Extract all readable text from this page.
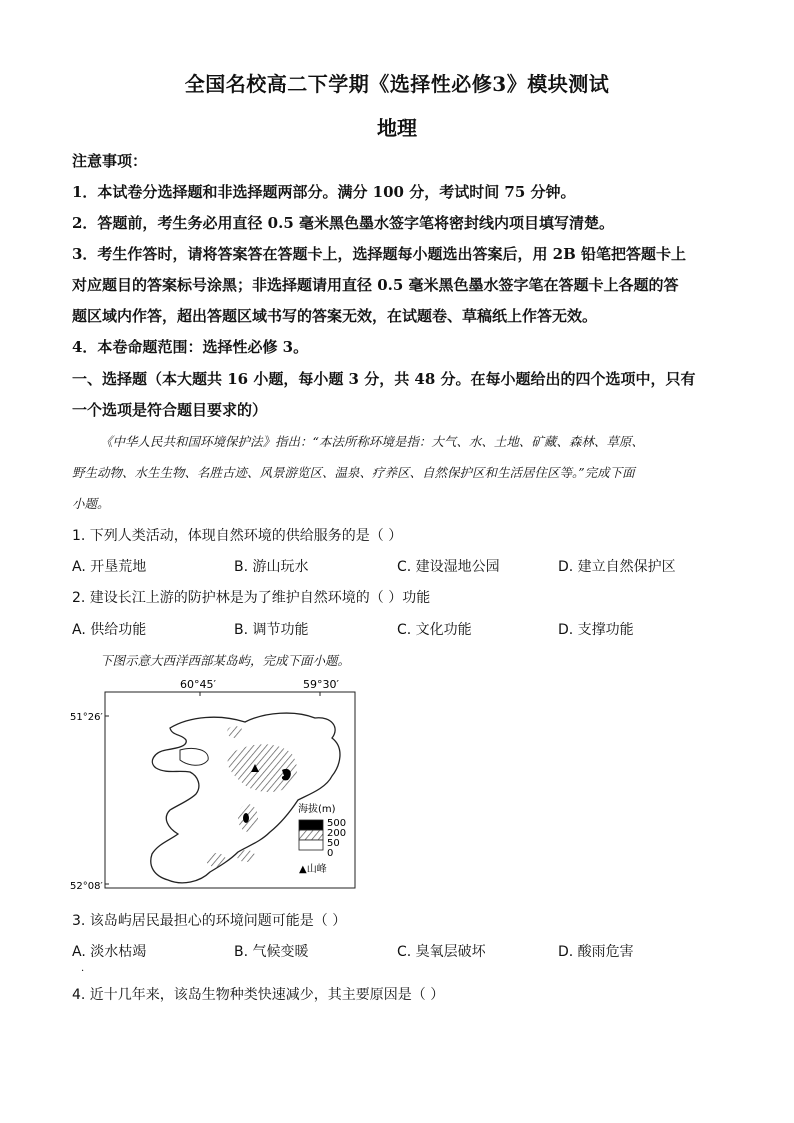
全国名校高二下学期《选择性必修3》模块测试
地理
注意事项：
1．本试卷分选择题和非选择题两部分。满分 100 分，考试时间 75 分钟。
2．答题前，考生务必用直径 0.5 毫米黑色墨水签字笔将密封线内项目填写清楚。
3．考生作答时，请将答案答在答题卡上，选择题每小题选出答案后，用 2B 铅笔把答题卡上
对应题目的答案标号涂黑；非选择题请用直径 0.5 毫米黑色墨水签字笔在答题卡上各题的答
题区域内作答，超出答题区域书写的答案无效，在试题卷、草稿纸上作答无效。
4．本卷命题范围：选择性必修 3。
一、选择题（本大题共 16 小题，每小题 3 分，共 48 分。在每小题给出的四个选项中，只有
一个选项是符合题目要求的）
《中华人民共和国环境保护法》指出：“本法所称环境是指：大气、水、土地、矿藏、森林、草原、
野生动物、水生生物、名胜古迹、风景游览区、温泉、疗养区、自然保护区和生活居住区等。”完成下面
小题。
1. 下列人类活动，体现自然环境的供给服务的是（ ）
A. 开垦荒地	B. 游山玩水	C. 建设湿地公园	D. 建立自然保护区
2. 建设长江上游的防护林是为了维护自然环境的（ ）功能
A. 供给功能	B. 调节功能	C. 文化功能	D. 支撑功能
下图示意大西洋西部某岛屿，完成下面小题。
60°45′	59°30′
51°26′
52°08′
海拔(m)
500
200
50
0
▲山峰
3. 该岛屿居民最担心的环境问题可能是（ ）
A. 淡水枯竭	B. 气候变暖	C. 臭氧层破坏	D. 酸雨危害
·
4. 近十几年来，该岛生物种类快速减少，其主要原因是（ ）
